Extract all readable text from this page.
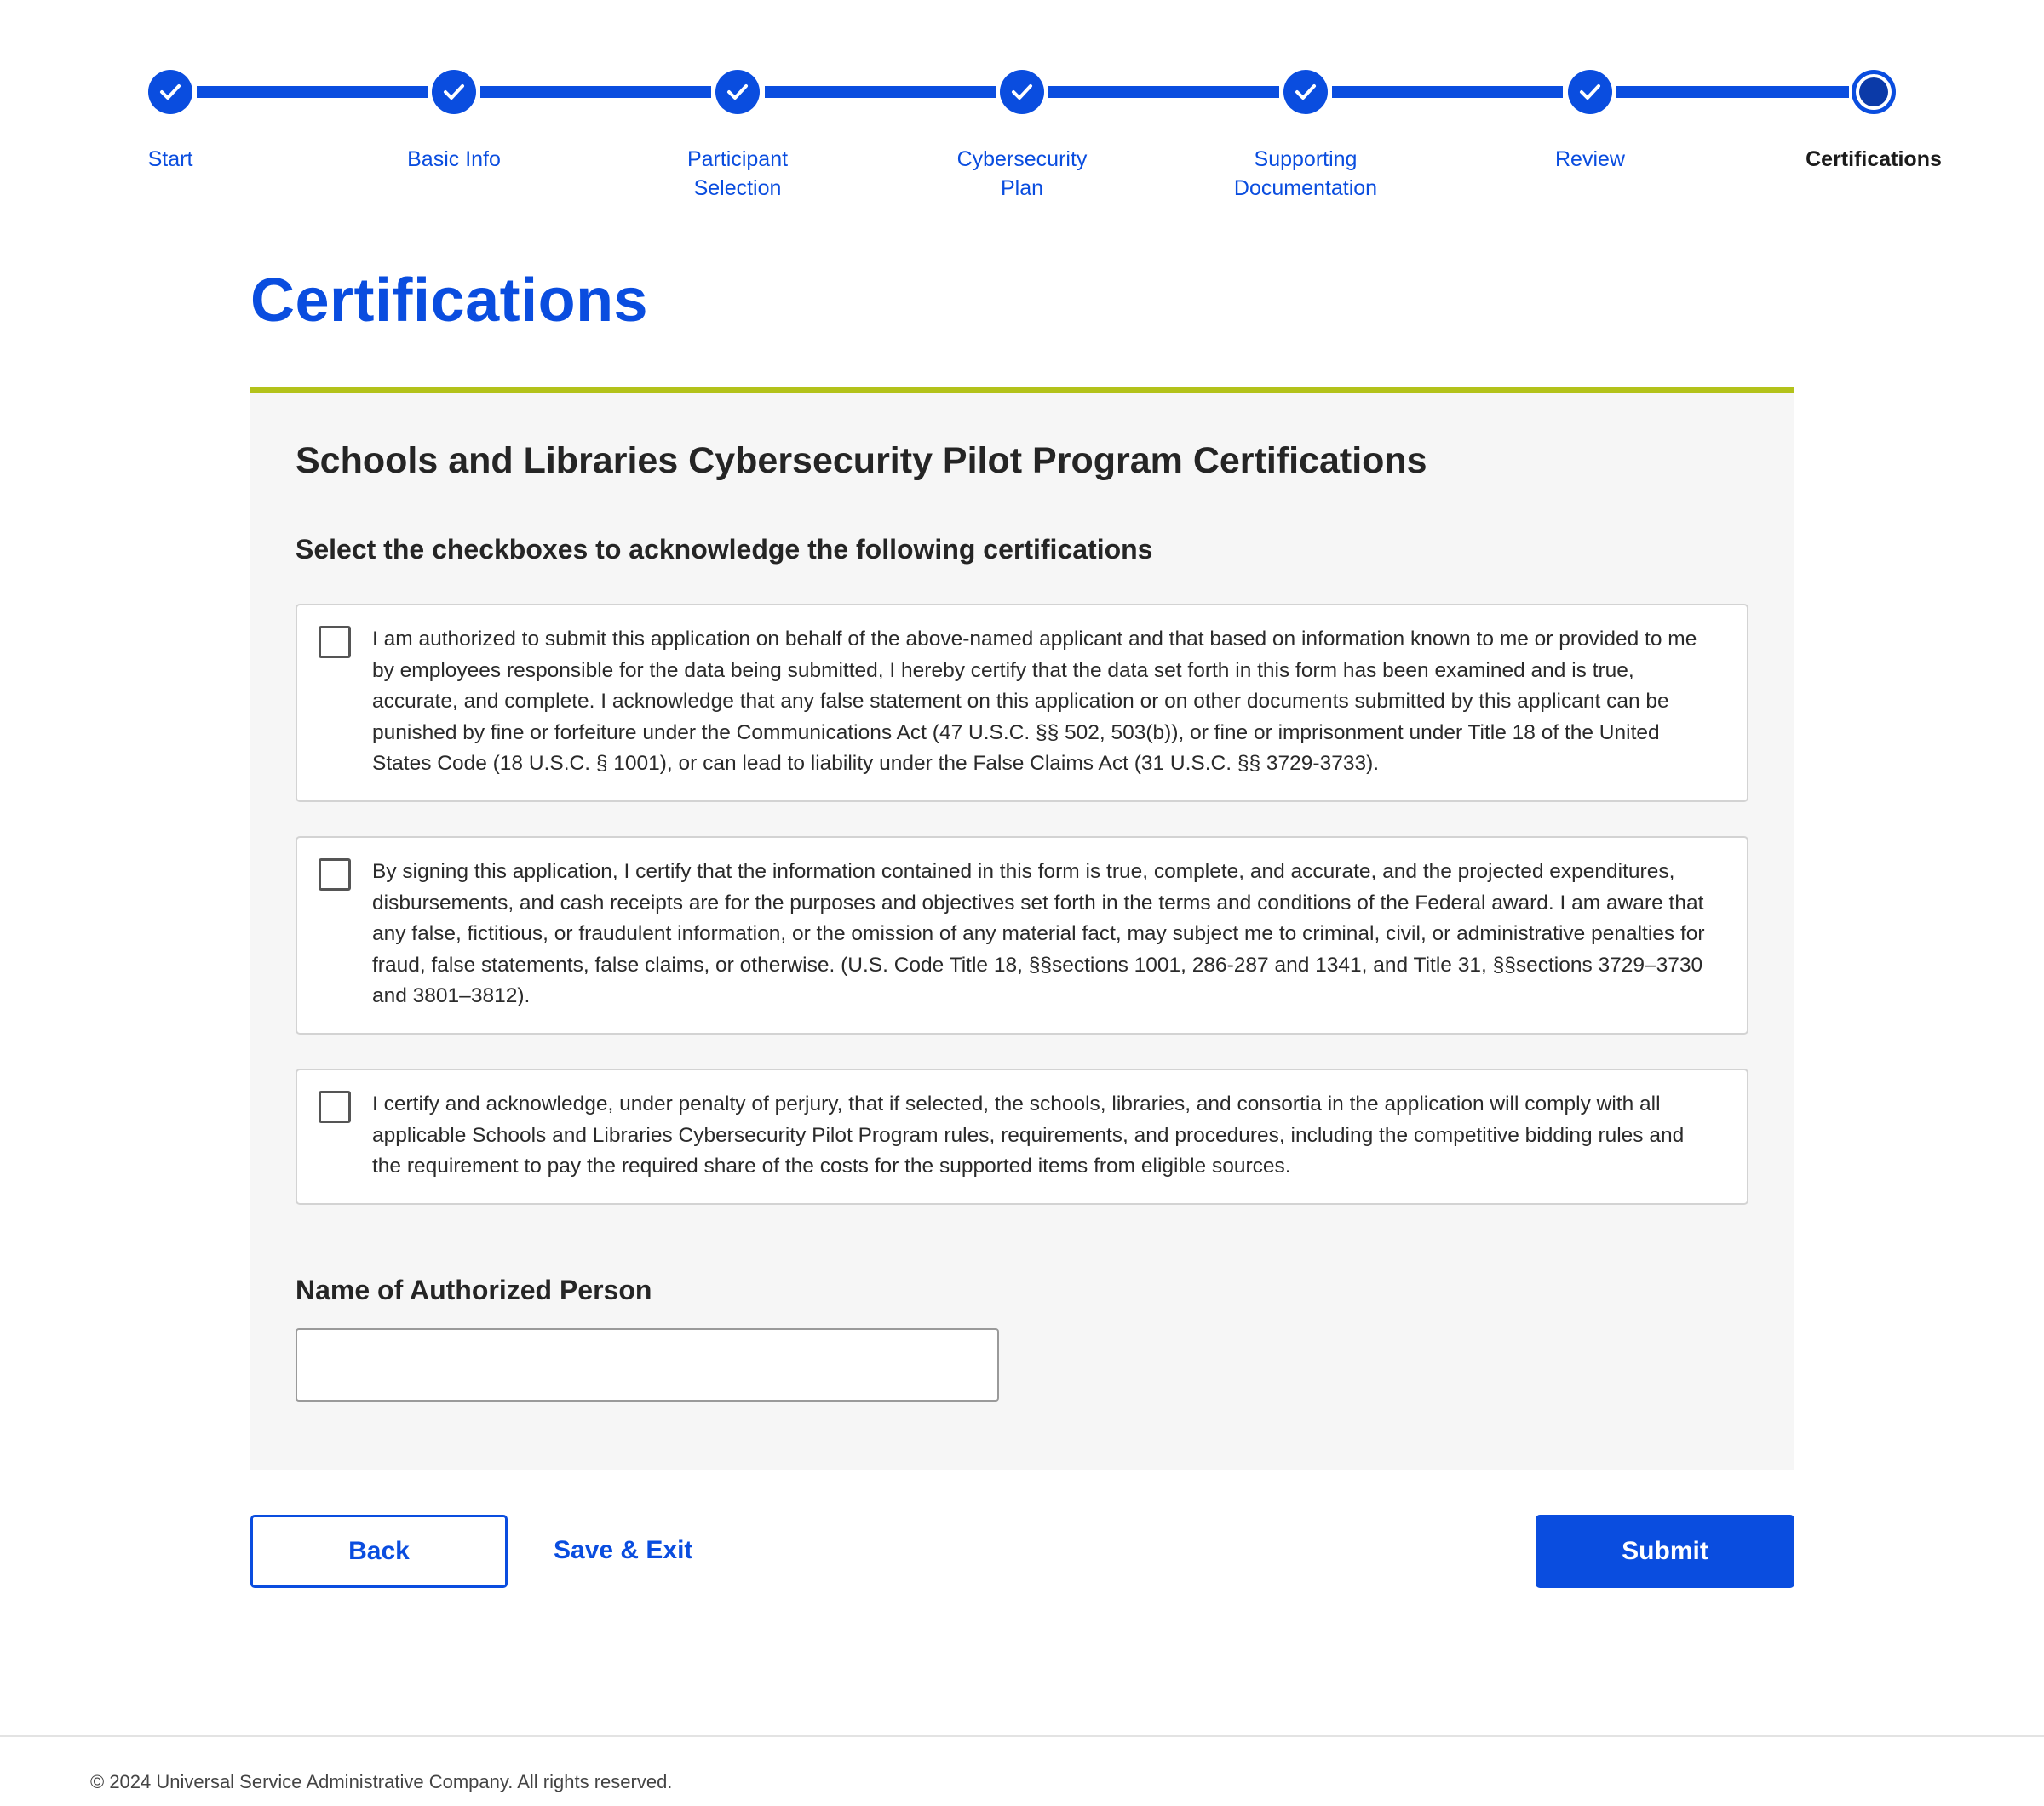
Start	Basic Info	Participant Selection
Cybersecurity Plan
Supporting Documentation
Review	Certifications
Certifications
Schools and Libraries Cybersecurity Pilot Program Certifications
Select the checkboxes to acknowledge the following certifications

I am authorized to submit this application on behalf of the above-named applicant and that based on information known to me or provided to me by employees responsible for the data being submitted, I hereby certify that the data set forth in this form has been examined and is true, accurate, and complete. I acknowledge that any false statement on this application or on other documents submitted by this applicant can be punished by fine or forfeiture under the Communications Act (47 U.S.C. §§ 502, 503(b)), or fine or imprisonment under Title 18 of the United States Code (18 U.S.C. § 1001), or can lead to liability under the False Claims Act (31 U.S.C. §§ 3729-3733).

By signing this application, I certify that the information contained in this form is true, complete, and accurate, and the projected expenditures, disbursements, and cash receipts are for the purposes and objectives set forth in the terms and conditions of the Federal award. I am aware that any false, fictitious, or fraudulent information, or the omission of any material fact, may subject me to criminal, civil, or administrative penalties for fraud, false statements, false claims, or otherwise. (U.S. Code Title 18, §§sections 1001, 286-287 and 1341, and Title 31, §§sections 3729–3730 and 3801–3812).

I certify and acknowledge, under penalty of perjury, that if selected, the schools, libraries, and consortia in the application will comply with all applicable Schools and Libraries Cybersecurity Pilot Program rules, requirements, and procedures, including the competitive bidding rules and the requirement to pay the required share of the costs for the supported items from eligible sources.

Name of Authorized Person
Back	Save & Exit	Submit

© 2024 Universal Service Administrative Company. All rights reserved.
